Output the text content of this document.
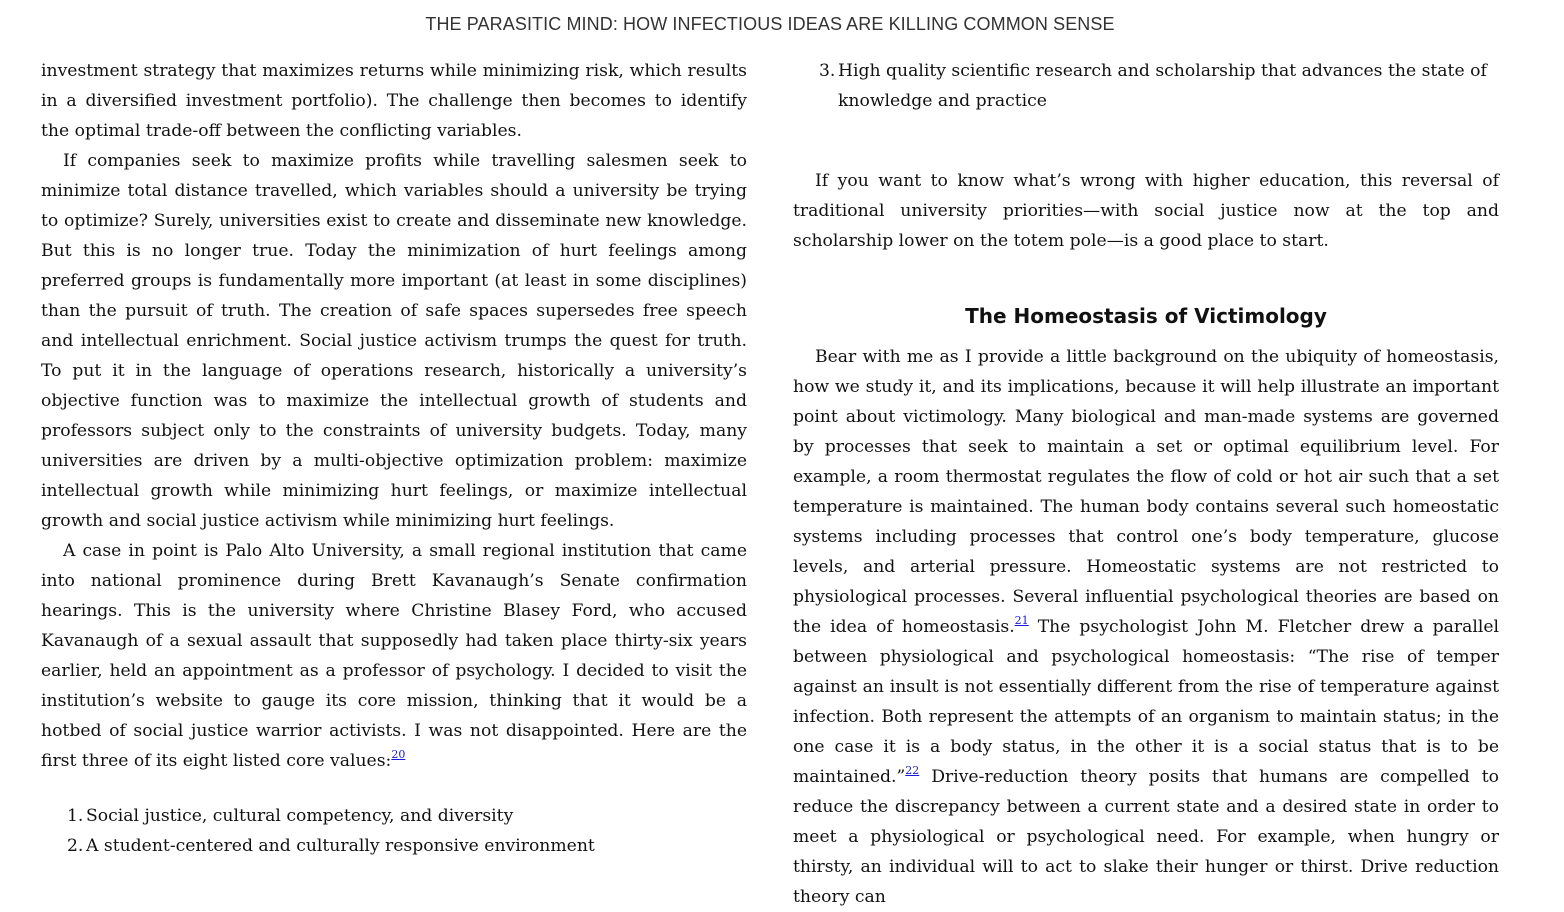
THE PARASITIC MIND: HOW INFECTIOUS IDEAS ARE KILLING COMMON SENSE

investment strategy that maximizes returns while minimizing risk, which results in a diversified investment portfolio). The challenge then becomes to identify the optimal trade-off between the conflicting variables.

If companies seek to maximize profits while travelling salesmen seek to minimize total distance travelled, which variables should a university be trying to optimize? Surely, universities exist to create and disseminate new knowledge. But this is no longer true. Today the minimization of hurt feelings among preferred groups is fundamentally more important (at least in some disciplines) than the pursuit of truth. The creation of safe spaces supersedes free speech and intellectual enrichment. Social justice activism trumps the quest for truth. To put it in the language of operations research, historically a university’s objective function was to maximize the intellectual growth of students and professors subject only to the constraints of university budgets. Today, many universities are driven by a multi-objective optimization problem: maximize intellectual growth while minimizing hurt feelings, or maximize intellectual growth and social justice activism while minimizing hurt feelings.

A case in point is Palo Alto University, a small regional institution that came into national prominence during Brett Kavanaugh’s Senate confirmation hearings. This is the university where Christine Blasey Ford, who accused Kavanaugh of a sexual assault that supposedly had taken place thirty-six years earlier, held an appointment as a professor of psychology. I decided to visit the institution’s website to gauge its core mission, thinking that it would be a hotbed of social justice warrior activists. I was not disappointed. Here are the first three of its eight listed core values:$^{20}$

1. Social justice, cultural competency, and diversity
2. A student-centered and culturally responsive environment
3. High quality scientific research and scholarship that advances the state of knowledge and practice

If you want to know what’s wrong with higher education, this reversal of traditional university priorities—with social justice now at the top and scholarship lower on the totem pole—is a good place to start.

The Homeostasis of Victimology

Bear with me as I provide a little background on the ubiquity of homeostasis, how we study it, and its implications, because it will help illustrate an important point about victimology. Many biological and man-made systems are governed by processes that seek to maintain a set or optimal equilibrium level. For example, a room thermostat regulates the flow of cold or hot air such that a set temperature is maintained. The human body contains several such homeostatic systems including processes that control one’s body temperature, glucose levels, and arterial pressure. Homeostatic systems are not restricted to physiological processes. Several influential psychological theories are based on the idea of homeostasis.$^{21}$ The psychologist John M. Fletcher drew a parallel between physiological and psychological homeostasis: “The rise of temper against an insult is not essentially different from the rise of temperature against infection. Both represent the attempts of an organism to maintain status; in the one case it is a body status, in the other it is a social status that is to be maintained.”$^{22}$ Drive-reduction theory posits that humans are compelled to reduce the discrepancy between a current state and a desired state in order to meet a physiological or psychological need. For example, when hungry or thirsty, an individual will to act to slake their hunger or thirst. Drive reduction theory can
